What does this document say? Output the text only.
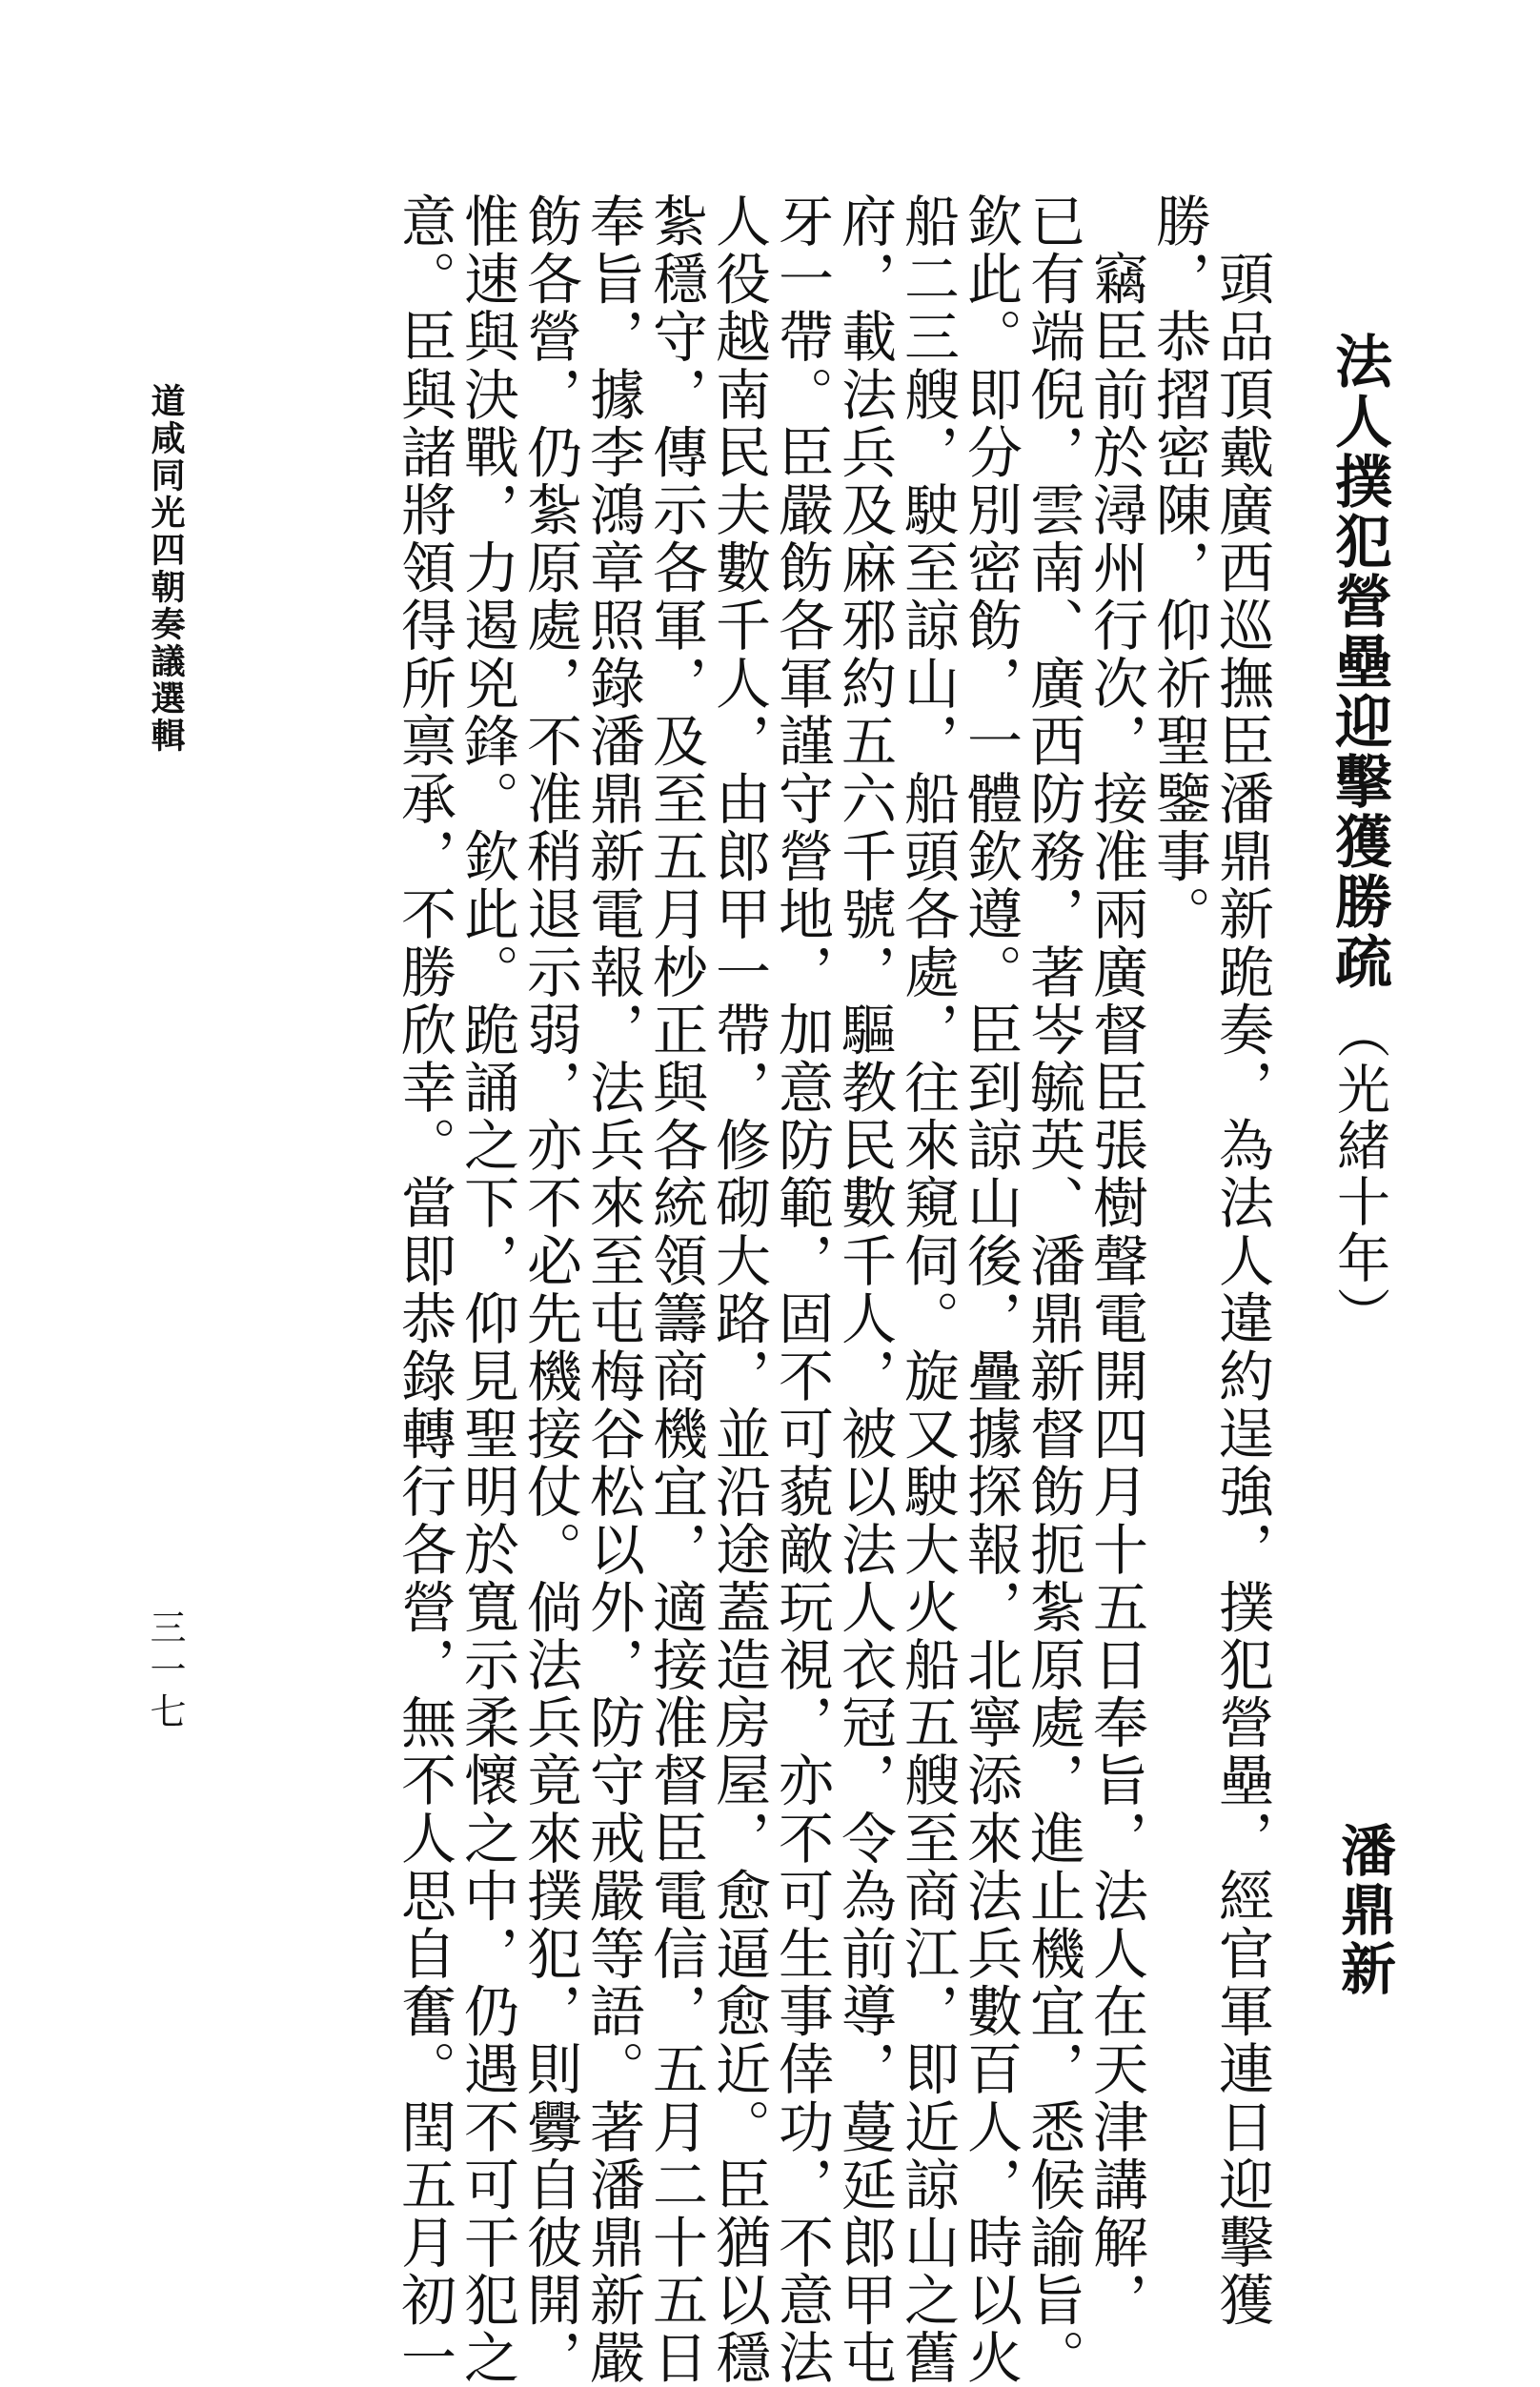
法人撲犯營壘迎擊獲勝疏（光緒十年）
潘鼎新
　頭品頂戴廣西巡撫臣潘鼎新跪奏，為法人違約逞強，撲犯營壘，經官軍連日迎擊獲
勝，恭摺密陳，仰祈聖鑒事。
　竊臣前於潯州行次，接准兩廣督臣張樹聲電開四月十五日奉旨，法人在天津講解，
已有端倪，雲南、廣西防務，著岑毓英、潘鼎新督飭扼紮原處，進止機宜，悉候諭旨。
欽此。即分別密飭，一體欽遵。臣到諒山後，疊據探報，北寧添來法兵數百人，時以火
船二三艘，駛至諒山，船頭各處，往來窺伺。旋又駛大火船五艘至商江，即近諒山之舊
府，載法兵及麻邪約五六千號，驅教民數千人，被以法人衣冠，令為前導，蔓延郎甲屯
牙一帶。臣嚴飭各軍謹守營地，加意防範，固不可藐敵玩視，亦不可生事倖功，不意法
人役越南民夫數千人，由郎甲一帶，修砌大路，並沿途蓋造房屋，愈逼愈近。臣猶以穩
紮穩守，傳示各軍，及至五月杪正與各統領籌商機宜，適接准督臣電信，五月二十五日
奉旨，據李鴻章照錄潘鼎新電報，法兵來至屯梅谷松以外，防守戒嚴等語。著潘鼎新嚴
飭各營，仍紮原處，不准稍退示弱，亦不必先機接仗。倘法兵竟來撲犯，則釁自彼開，
惟速與決戰，力遏兇鋒。欽此。跪誦之下，仰見聖明於寬示柔懷之中，仍遇不可干犯之
意。臣與諸將領得所禀承，不勝欣幸。當即恭錄轉行各營，無不人思自奮。閏五月初一
道咸同光四朝奏議選輯
三一七
